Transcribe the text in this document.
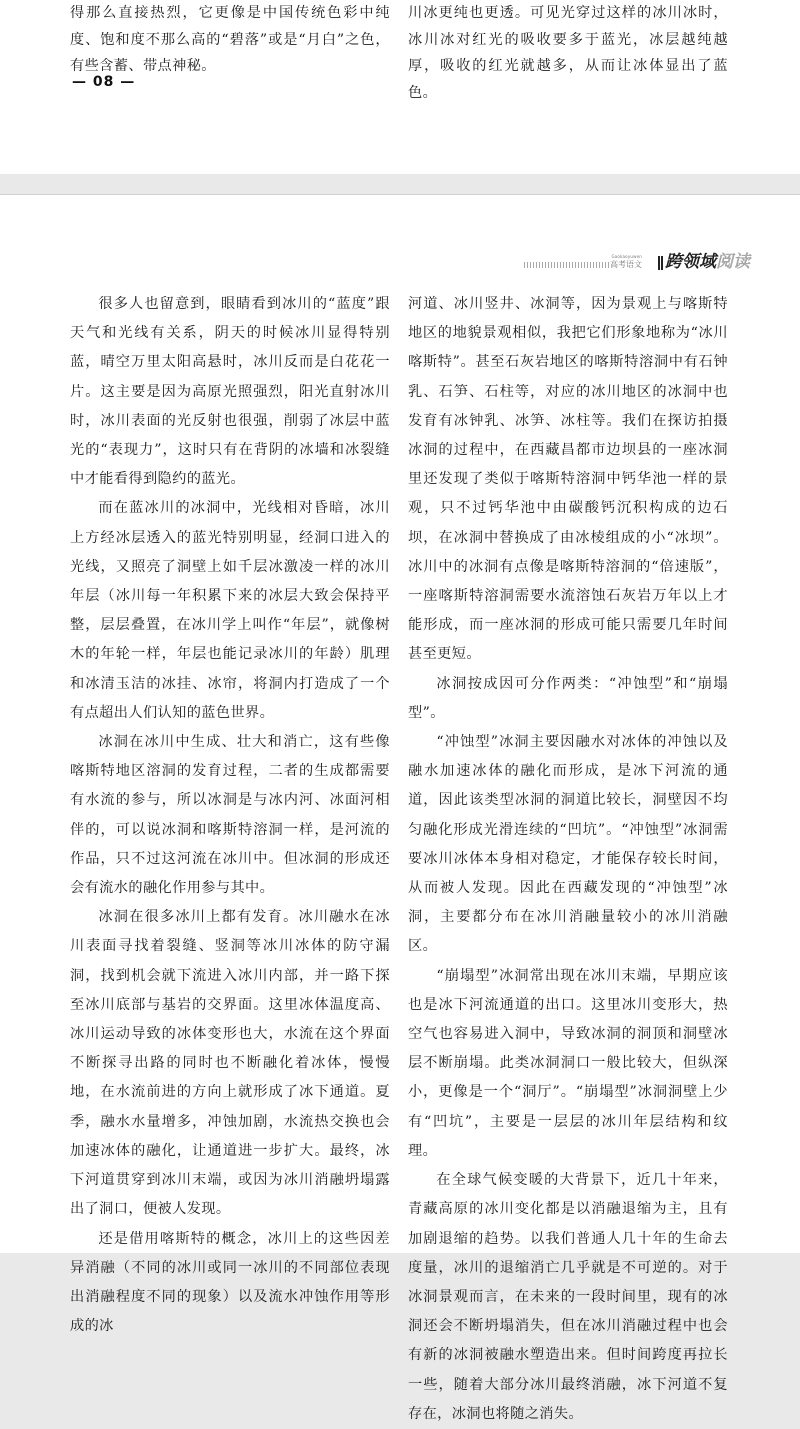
得那么直接热烈，它更像是中国传统色彩中纯度、饱和度不那么高的“碧落”或是“月白”之色，有些含蓄、带点神秘。

— 08 —

川冰更纯也更透。可见光穿过这样的冰川冰时，冰川冰对红光的吸收要多于蓝光，冰层越纯越厚，吸收的红光就越多，从而让冰体显出了蓝色。

Gaokaoyuwen
高考语文 跨领域阅读

很多人也留意到，眼睛看到冰川的“蓝度”跟天气和光线有关系，阴天的时候冰川显得特别蓝，晴空万里太阳高悬时，冰川反而是白花花一片。这主要是因为高原光照强烈，阳光直射冰川时，冰川表面的光反射也很强，削弱了冰层中蓝光的“表现力”，这时只有在背阴的冰墙和冰裂缝中才能看得到隐约的蓝光。

而在蓝冰川的冰洞中，光线相对昏暗，冰川上方经冰层透入的蓝光特别明显，经洞口进入的光线，又照亮了洞壁上如千层冰激凌一样的冰川年层（冰川每一年积累下来的冰层大致会保持平整，层层叠置，在冰川学上叫作“年层”，就像树木的年轮一样，年层也能记录冰川的年龄）肌理和冰清玉洁的冰挂、冰帘，将洞内打造成了一个有点超出人们认知的蓝色世界。

冰洞在冰川中生成、壮大和消亡，这有些像喀斯特地区溶洞的发育过程，二者的生成都需要有水流的参与，所以冰洞是与冰内河、冰面河相伴的，可以说冰洞和喀斯特溶洞一样，是河流的作品，只不过这河流在冰川中。但冰洞的形成还会有流水的融化作用参与其中。

冰洞在很多冰川上都有发育。冰川融水在冰川表面寻找着裂缝、竖洞等冰川冰体的防守漏洞，找到机会就下流进入冰川内部，并一路下探至冰川底部与基岩的交界面。这里冰体温度高、冰川运动导致的冰体变形也大，水流在这个界面不断探寻出路的同时也不断融化着冰体，慢慢地，在水流前进的方向上就形成了冰下通道。夏季，融水水量增多，冲蚀加剧，水流热交换也会加速冰体的融化，让通道进一步扩大。最终，冰下河道贯穿到冰川末端，或因为冰川消融坍塌露出了洞口，便被人发现。

还是借用喀斯特的概念，冰川上的这些因差异消融（不同的冰川或同一冰川的不同部位表现出消融程度不同的现象）以及流水冲蚀作用等形成的冰

河道、冰川竖井、冰洞等，因为景观上与喀斯特地区的地貌景观相似，我把它们形象地称为“冰川喀斯特”。甚至石灰岩地区的喀斯特溶洞中有石钟乳、石笋、石柱等，对应的冰川地区的冰洞中也发育有冰钟乳、冰笋、冰柱等。我们在探访拍摄冰洞的过程中，在西藏昌都市边坝县的一座冰洞里还发现了类似于喀斯特溶洞中钙华池一样的景观，只不过钙华池中由碳酸钙沉积构成的边石坝，在冰洞中替换成了由冰棱组成的小“冰坝”。冰川中的冰洞有点像是喀斯特溶洞的“倍速版”，一座喀斯特溶洞需要水流溶蚀石灰岩万年以上才能形成，而一座冰洞的形成可能只需要几年时间甚至更短。

冰洞按成因可分作两类：“冲蚀型”和“崩塌型”。

“冲蚀型”冰洞主要因融水对冰体的冲蚀以及融水加速冰体的融化而形成，是冰下河流的通道，因此该类型冰洞的洞道比较长，洞壁因不均匀融化形成光滑连续的“凹坑”。“冲蚀型”冰洞需要冰川冰体本身相对稳定，才能保存较长时间，从而被人发现。因此在西藏发现的“冲蚀型”冰洞，主要都分布在冰川消融量较小的冰川消融区。

“崩塌型”冰洞常出现在冰川末端，早期应该也是冰下河流通道的出口。这里冰川变形大，热空气也容易进入洞中，导致冰洞的洞顶和洞壁冰层不断崩塌。此类冰洞洞口一般比较大，但纵深小，更像是一个“洞厅”。“崩塌型”冰洞洞壁上少有“凹坑”，主要是一层层的冰川年层结构和纹理。

在全球气候变暖的大背景下，近几十年来，青藏高原的冰川变化都是以消融退缩为主，且有加剧退缩的趋势。以我们普通人几十年的生命去度量，冰川的退缩消亡几乎就是不可逆的。对于冰洞景观而言，在未来的一段时间里，现有的冰洞还会不断坍塌消失，但在冰川消融过程中也会有新的冰洞被融水塑造出来。但时间跨度再拉长一些，随着大部分冰川最终消融，冰下河道不复存在，冰洞也将随之消失。
